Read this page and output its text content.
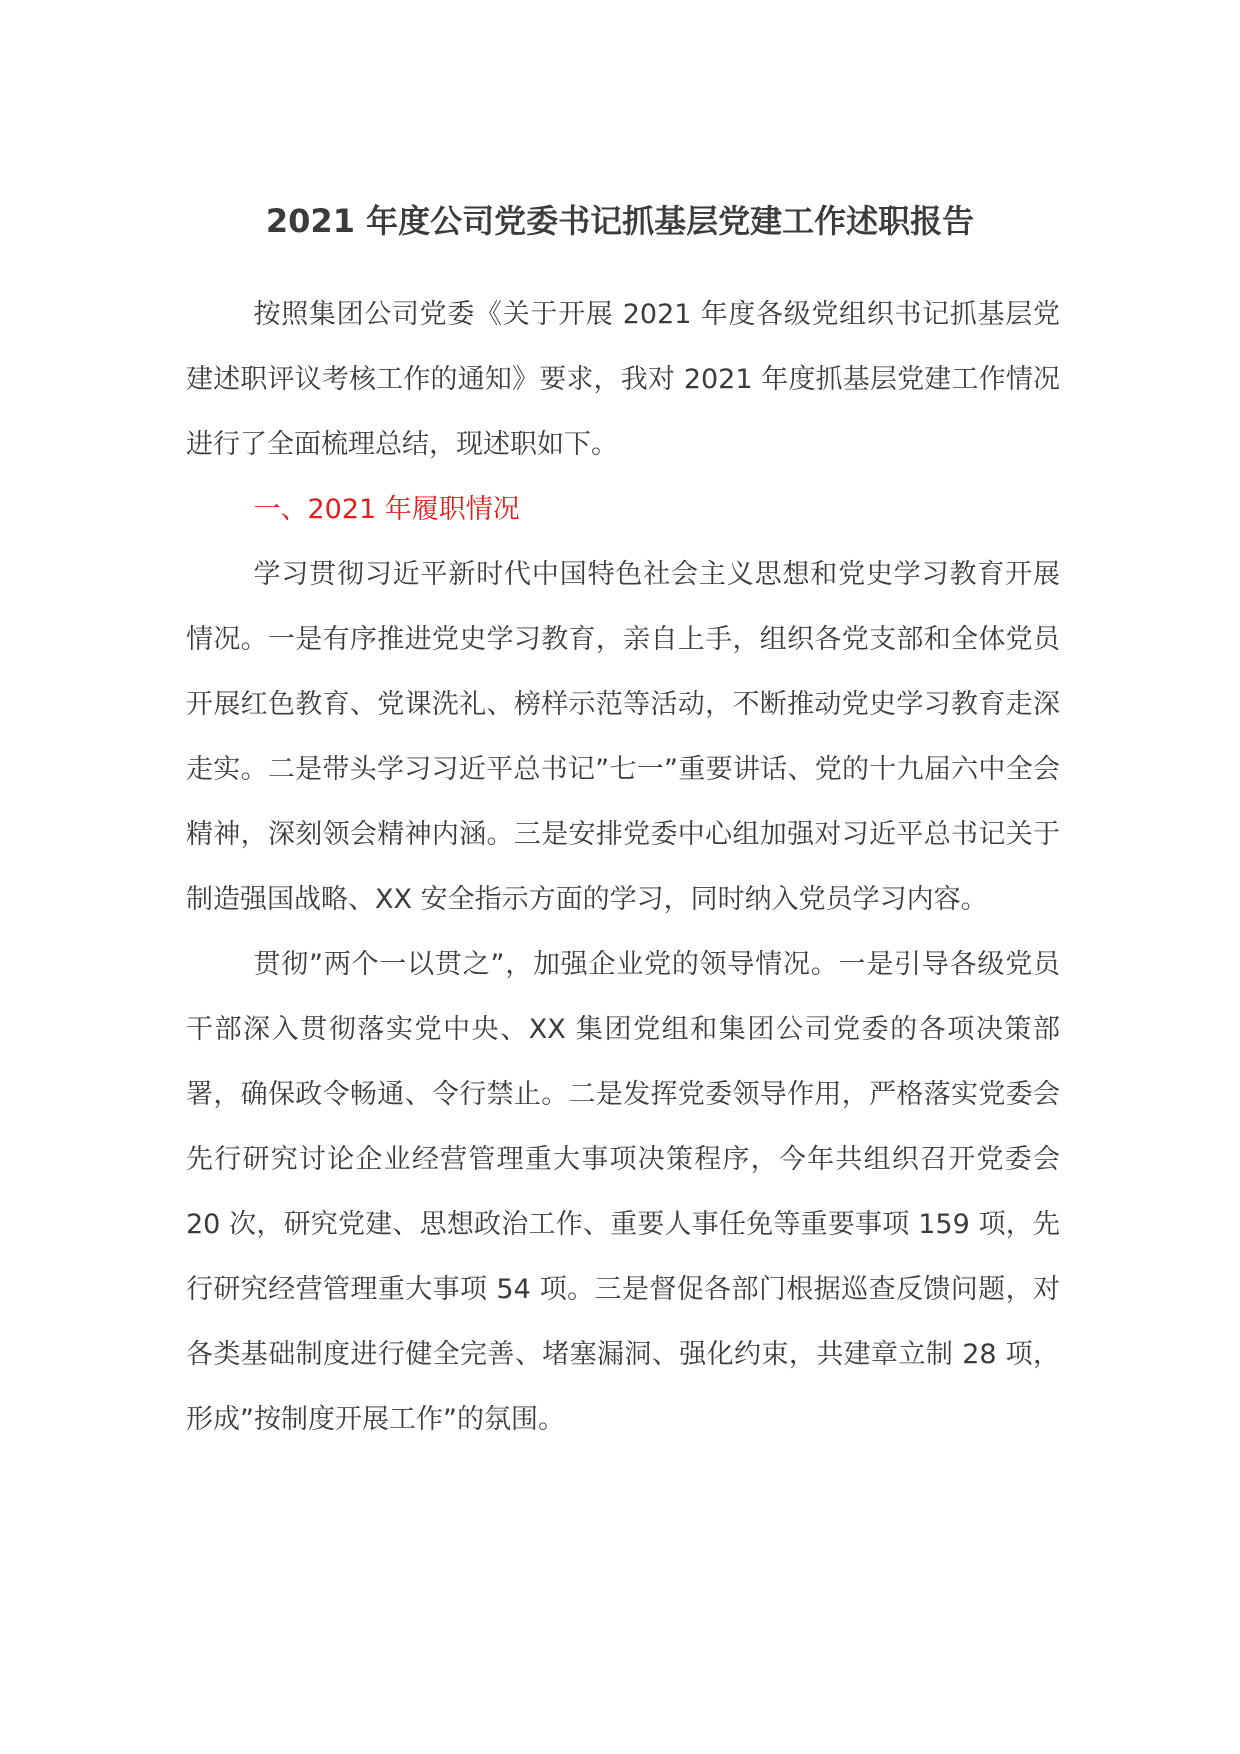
2021 年度公司党委书记抓基层党建工作述职报告

按照集团公司党委《关于开展 2021 年度各级党组织书记抓基层党建述职评议考核工作的通知》要求，我对 2021 年度抓基层党建工作情况进行了全面梳理总结，现述职如下。

一、2021 年履职情况

学习贯彻习近平新时代中国特色社会主义思想和党史学习教育开展情况。一是有序推进党史学习教育，亲自上手，组织各党支部和全体党员开展红色教育、党课洗礼、榜样示范等活动，不断推动党史学习教育走深走实。二是带头学习习近平总书记”七一”重要讲话、党的十九届六中全会精神，深刻领会精神内涵。三是安排党委中心组加强对习近平总书记关于制造强国战略、XX 安全指示方面的学习，同时纳入党员学习内容。

贯彻”两个一以贯之”，加强企业党的领导情况。一是引导各级党员干部深入贯彻落实党中央、XX 集团党组和集团公司党委的各项决策部署，确保政令畅通、令行禁止。二是发挥党委领导作用，严格落实党委会先行研究讨论企业经营管理重大事项决策程序，今年共组织召开党委会 20 次，研究党建、思想政治工作、重要人事任免等重要事项 159 项，先行研究经营管理重大事项 54 项。三是督促各部门根据巡查反馈问题，对各类基础制度进行健全完善、堵塞漏洞、强化约束，共建章立制 28 项，形成”按制度开展工作”的氛围。
